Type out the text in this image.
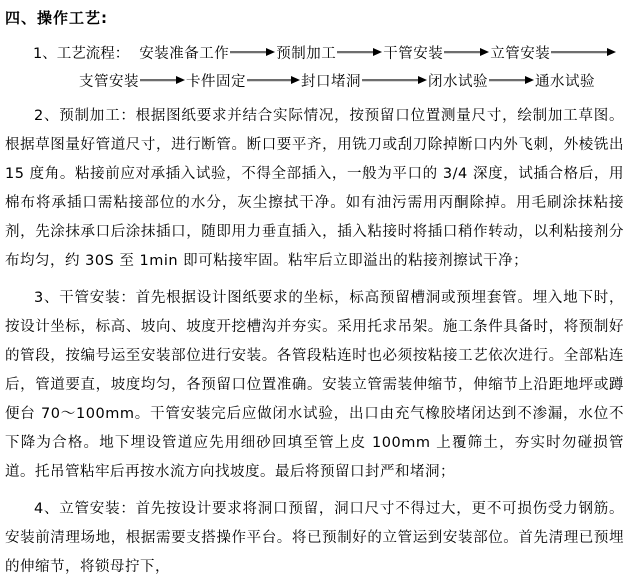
四、操作工艺:
1、工艺流程： 安装准备工作	预制加工	干管安装	立管安装
支管安装	卡件固定	封口堵洞	闭水试验	通水试验

2、预制加工：根据图纸要求并结合实际情况，按预留口位置测量尺寸，绘制加工草图。根据草图量好管道尺寸，进行断管。断口要平齐，用铣刀或刮刀除掉断口内外飞刺，外棱铣出 15 度角。粘接前应对承插入试验，不得全部插入，一般为平口的 3/4 深度，试插合格后，用棉布将承插口需粘接部位的水分，灰尘擦拭干净。如有油污需用丙酮除掉。用毛刷涂抹粘接剂，先涂抹承口后涂抹插口，随即用力垂直插入，插入粘接时将插口稍作转动，以利粘接剂分布均匀，约 30S 至 1min 即可粘接牢固。粘牢后立即溢出的粘接剂擦试干净；

3、干管安装：首先根据设计图纸要求的坐标，标高预留槽洞或预埋套管。埋入地下时，按设计坐标，标高、坡向、坡度开挖槽沟并夯实。采用托求吊架。施工条件具备时，将预制好的管段，按编号运至安装部位进行安装。各管段粘连时也必须按粘接工艺依次进行。全部粘连后，管道要直，坡度均匀，各预留口位置准确。安装立管需装伸缩节，伸缩节上沿距地坪或蹲便台 70～100mm。干管安装完后应做闭水试验，出口由充气橡胶堵闭达到不渗漏，水位不下降为合格。地下埋设管道应先用细砂回填至管上皮 100mm 上覆筛土，夯实时勿碰损管道。托吊管粘牢后再按水流方向找坡度。最后将预留口封严和堵洞；

4、立管安装：首先按设计要求将洞口预留，洞口尺寸不得过大，更不可损伤受力钢筋。安装前清理场地，根据需要支搭操作平台。将已预制好的立管运到安装部位。首先清理已预埋的伸缩节，将锁母拧下，
